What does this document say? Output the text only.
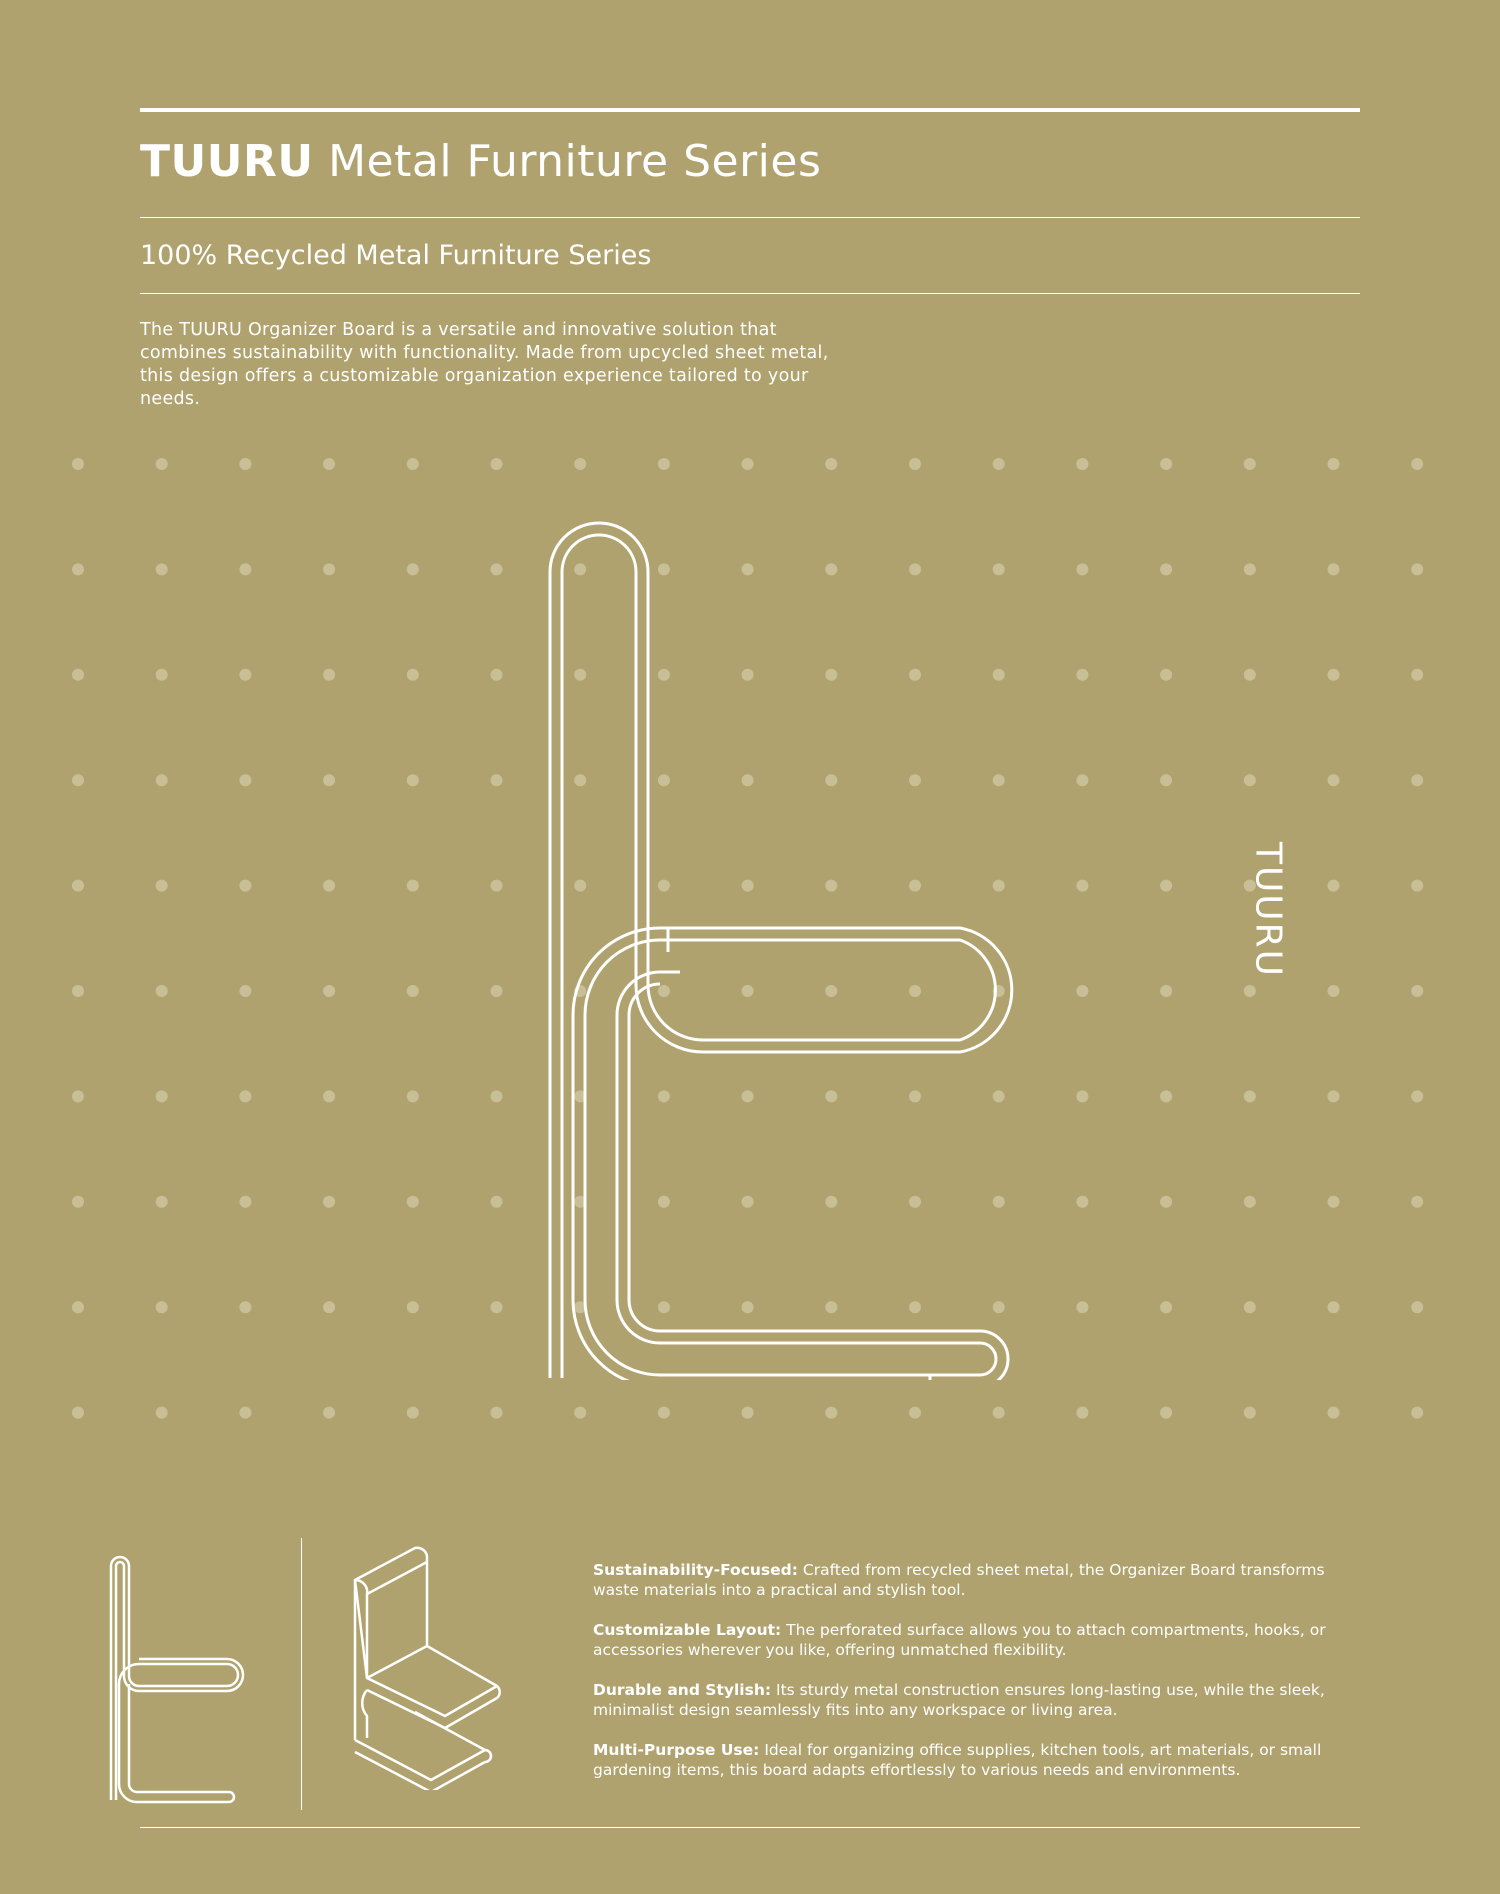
TUURU Metal Furniture Series
100% Recycled Metal Furniture Series
The TUURU Organizer Board is a versatile and innovative solution that combines sustainability with functionality. Made from upcycled sheet metal, this design offers a customizable organization experience tailored to your needs.
TUURU
Sustainability-Focused: Crafted from recycled sheet metal, the Organizer Board transforms waste materials into a practical and stylish tool.
Customizable Layout: The perforated surface allows you to attach compartments, hooks, or accessories wherever you like, offering unmatched flexibility.
Durable and Stylish: Its sturdy metal construction ensures long-lasting use, while the sleek, minimalist design seamlessly fits into any workspace or living area.
Multi-Purpose Use: Ideal for organizing office supplies, kitchen tools, art materials, or small gardening items, this board adapts effortlessly to various needs and environments.
